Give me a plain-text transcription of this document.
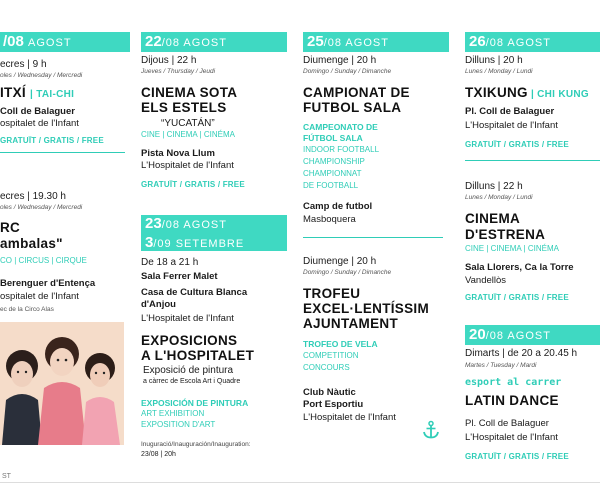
/08 AGOST
ecres | 9 h
oles / Wednesday / Mercredi
ITXÍ | TAI-CHI
Coll de Balaguer
ospitalet de l'Infant
GRATUÏT / GRATIS / FREE
ecres | 19.30 h
oles / Wednesday / Mercredi
RC
ambalas"
CO | CIRCUS | CIRQUE
Berenguer d'Entença
ospitalet de l'Infant
ec de la Circo Alas
22/08 AGOST
Dijous | 22 h
Jueves / Thursday / Jeudi
CINEMA SOTA
ELS ESTELS
“YUCATÁN”
CINE | CINEMA | CINÉMA
Pista Nova Llum
L'Hospitalet de l'Infant
GRATUÏT / GRATIS / FREE
23/08 AGOST
3/09 SETEMBRE
De 18 a 21 h
Sala Ferrer Malet
Casa de Cultura Blanca
d'Anjou
L'Hospitalet de l'Infant
EXPOSICIONS
A L'HOSPITALET
Exposició de pintura
a càrrec de Escola Art i Quadre
EXPOSICIÓN DE PINTURA
ART EXHIBITION
EXPOSITION D'ART
Inuguració/Inauguración/Inauguration:
23/08 | 20h
25/08 AGOST
Diumenge | 20 h
Domingo / Sunday / Dimanche
CAMPIONAT DE
FUTBOL SALA
CAMPEONATO DE
FÚTBOL SALA
INDOOR FOOTBALL
CHAMPIONSHIP
CHAMPIONNAT
DE FOOTBALL
Camp de futbol
Masboquera
Diumenge | 20 h
Domingo / Sunday / Dimanche
TROFEU
EXCEL·LENTÍSSIM
AJUNTAMENT
TROFEO DE VELA
COMPETITION
CONCOURS
Club Nàutic
Port Esportiu
L'Hospitalet de l'Infant
26/08 AGOST
Dilluns | 20 h
Lunes / Monday / Lundi
TXIKUNG | CHI KUNG
Pl. Coll de Balaguer
L'Hospitalet de l'Infant
GRATUÏT / GRATIS / FREE
Dilluns | 22 h
Lunes / Monday / Lundi
CINEMA
D'ESTRENA
CINE | CINEMA | CINÉMA
Sala Llorers, Ca la Torre
Vandellòs
GRATUÏT / GRATIS / FREE
20/08 AGOST
Dimarts | de 20 a 20.45 h
Martes / Tuesday / Mardi
esport al carrer
LATIN DANCE
Pl. Coll de Balaguer
L'Hospitalet de l'Infant
GRATUÏT / GRATIS / FREE
ST
